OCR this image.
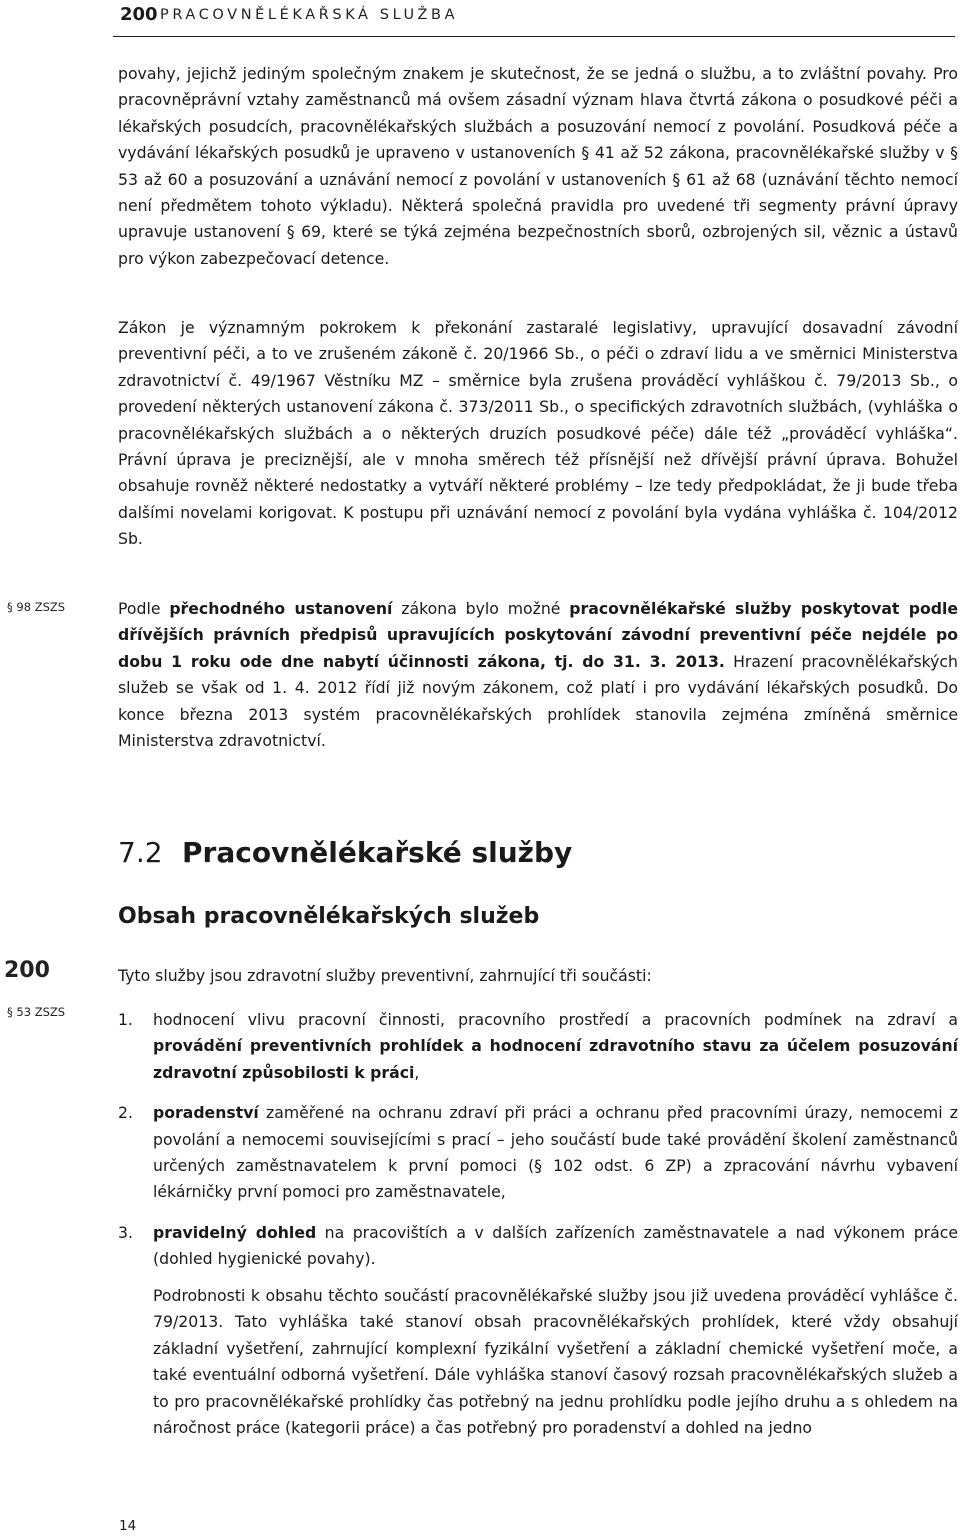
200 PRACOVNĚLÉKAŘSKÁ SLUŽBA

povahy, jejichž jediným společným znakem je skutečnost, že se jedná o službu, a to zvláštní povahy. Pro pracovněprávní vztahy zaměstnanců má ovšem zásadní význam hlava čtvrtá zákona o posudkové péči a lékařských posudcích, pracovnělékařských službách a posuzování nemocí z povolání. Posudková péče a vydávání lékařských posudků je upraveno v ustanoveních § 41 až 52 zákona, pracovnělékařské služby v § 53 až 60 a posuzování a uznávání nemocí z povolání v ustanoveních § 61 až 68 (uznávání těchto nemocí není předmětem tohoto výkladu). Některá společná pravidla pro uvedené tři segmenty právní úpravy upravuje ustanovení § 69, které se týká zejména bezpečnostních sborů, ozbrojených sil, věznic a ústavů pro výkon zabezpečovací detence.

Zákon je významným pokrokem k překonání zastaralé legislativy, upravující dosavadní závodní preventivní péči, a to ve zrušeném zákoně č. 20/1966 Sb., o péči o zdraví lidu a ve směrnici Ministerstva zdravotnictví č. 49/1967 Věstníku MZ – směrnice byla zrušena prováděcí vyhláškou č. 79/2013 Sb., o provedení některých ustanovení zákona č. 373/2011 Sb., o specifických zdravotních službách, (vyhláška o pracovnělékařských službách a o některých druzích posudkové péče) dále též „prováděcí vyhláška“. Právní úprava je preciznější, ale v mnoha směrech též přísnější než dřívější právní úprava. Bohužel obsahuje rovněž některé nedostatky a vytváří některé problémy – lze tedy předpokládat, že ji bude třeba dalšími novelami korigovat. K postupu při uznávání nemocí z povolání byla vydána vyhláška č. 104/2012 Sb.

§ 98 ZSZS	Podle přechodného ustanovení zákona bylo možné pracovnělékařské služby poskytovat podle dřívějších právních předpisů upravujících poskytování závodní preventivní péče nejdéle po dobu 1 roku ode dne nabytí účinnosti zákona, tj. do 31. 3. 2013. Hrazení pracovnělékařských služeb se však od 1. 4. 2012 řídí již novým zákonem, což platí i pro vydávání lékařských posudků. Do konce března 2013 systém pracovnělékařských prohlídek stanovila zejména zmíněná směrnice Ministerstva zdravotnictví.

7.2 Pracovnělékařské služby
Obsah pracovnělékařských služeb
200
§ 53 ZSZS
Tyto služby jsou zdravotní služby preventivní, zahrnující tři součásti:
1. hodnocení vlivu pracovní činnosti, pracovního prostředí a pracovních podmínek na zdraví a provádění preventivních prohlídek a hodnocení zdravotního stavu za účelem posuzování zdravotní způsobilosti k práci,
2. poradenství zaměřené na ochranu zdraví při práci a ochranu před pracovními úrazy, nemocemi z povolání a nemocemi souvisejícími s prací – jeho součástí bude také provádění školení zaměstnanců určených zaměstnavatelem k první pomoci (§ 102 odst. 6 ZP) a zpracování návrhu vybavení lékárničky první pomoci pro zaměstnavatele,
3. pravidelný dohled na pracovištích a v dalších zařízeních zaměstnavatele a nad výkonem práce (dohled hygienické povahy).
Podrobnosti k obsahu těchto součástí pracovnělékařské služby jsou již uvedena prováděcí vyhlášce č. 79/2013. Tato vyhláška také stanoví obsah pracovnělékařských prohlídek, které vždy obsahují základní vyšetření, zahrnující komplexní fyzikální vyšetření a základní chemické vyšetření moče, a také eventuální odborná vyšetření. Dále vyhláška stanoví časový rozsah pracovnělékařských služeb a to pro pracovnělékařské prohlídky čas potřebný na jednu prohlídku podle jejího druhu a s ohledem na náročnost práce (kategorii práce) a čas potřebný pro poradenství a dohled na jedno
14
